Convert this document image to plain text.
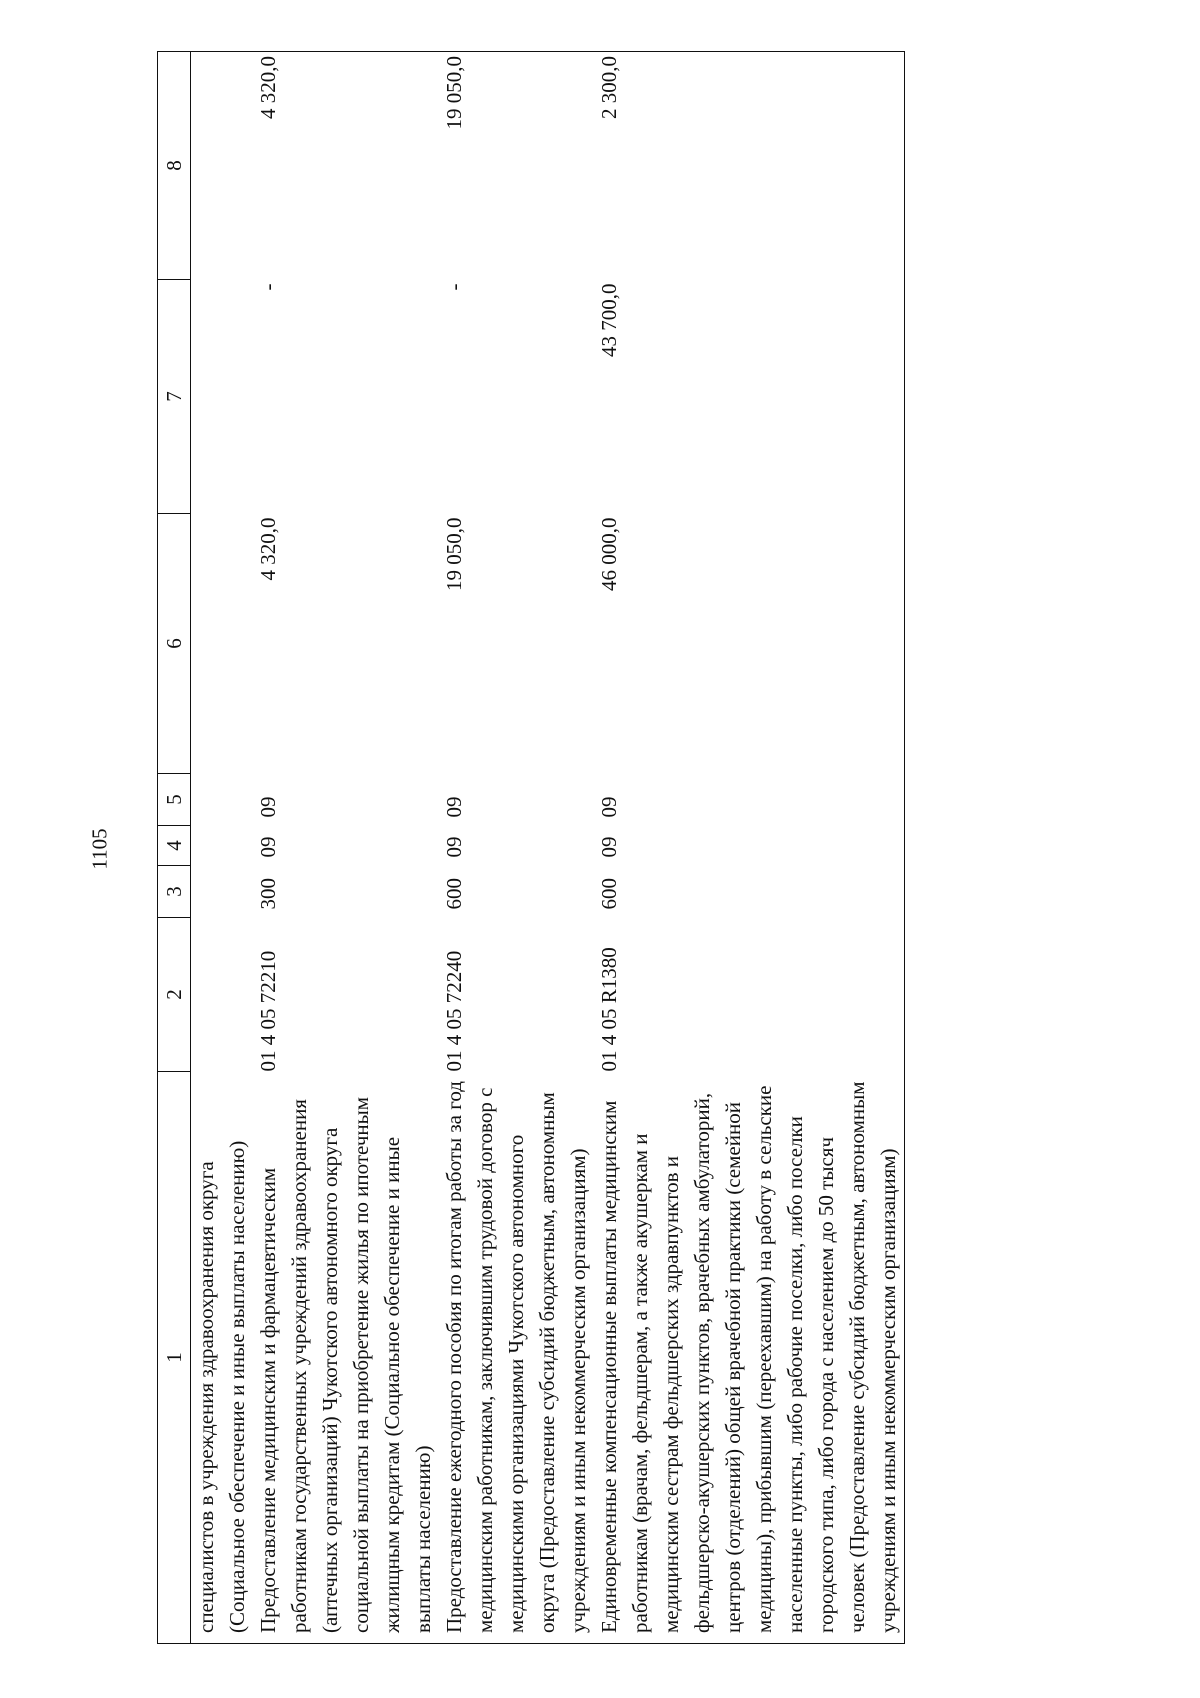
1105
1	2	3	4	5	6	7	8
специалистов в учреждения здравоохранения округа (Социальное обеспечение и иные выплаты населению)							
Предоставление медицинским и фармацевтическим работникам государственных учреждений здравоохранения (аптечных организаций) Чукотского автономного округа социальной выплаты на приобретение жилья по ипотечным жилищным кредитам (Социальное обеспечение и иные выплаты населению)	01 4 05 72210	300	09	09	4 320,0	-	4 320,0
Предоставление ежегодного пособия по итогам работы за год медицинским работникам, заключившим трудовой договор с медицинскими организациями Чукотского автономного округа (Предоставление субсидий бюджетным, автономным учреждениям и иным некоммерческим организациям)	01 4 05 72240	600	09	09	19 050,0	-	19 050,0
Единовременные компенсационные выплаты медицинским работникам (врачам, фельдшерам, а также акушеркам и медицинским сестрам фельдшерских здравпунктов и фельдшерско-акушерских пунктов, врачебных амбулаторий, центров (отделений) общей врачебной практики (семейной медицины), прибывшим (переехавшим) на работу в сельские населенные пункты, либо рабочие поселки, либо поселки городского типа, либо города с населением до 50 тысяч человек (Предоставление субсидий бюджетным, автономным учреждениям и иным некоммерческим организациям)	01 4 05 R1380	600	09	09	46 000,0	43 700,0	2 300,0
